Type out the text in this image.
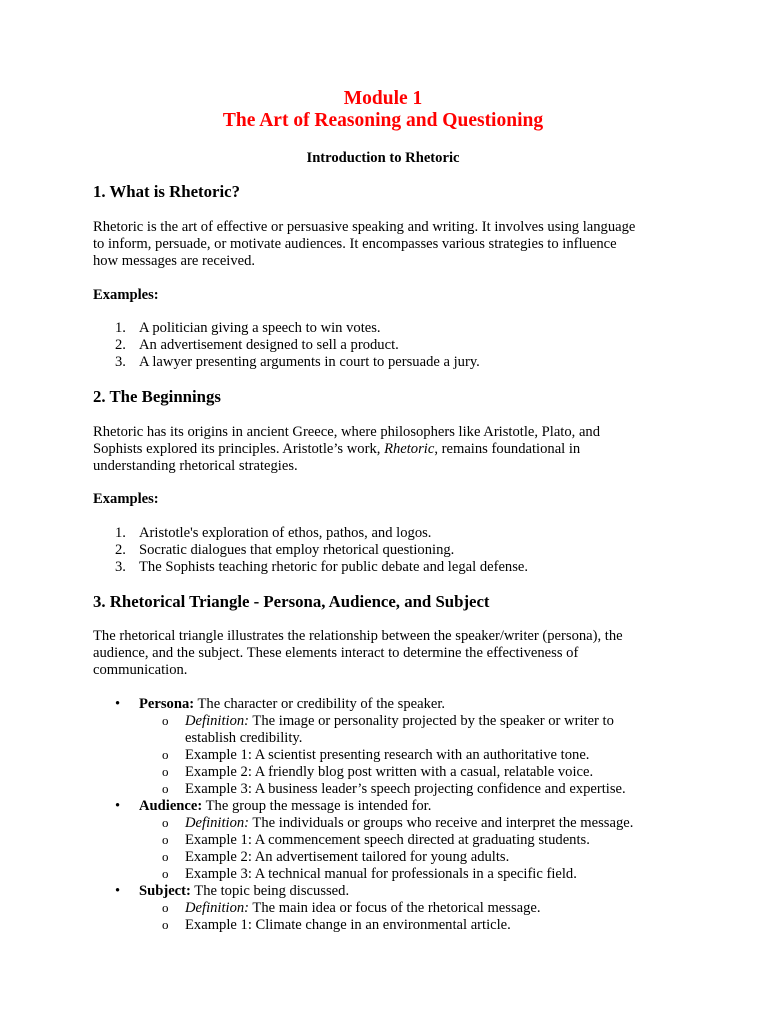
Module 1
The Art of Reasoning and Questioning
Introduction to Rhetoric
1. What is Rhetoric?

Rhetoric is the art of effective or persuasive speaking and writing. It involves using language

to inform, persuade, or motivate audiences. It encompasses various strategies to influence

how messages are received.

Examples:
1. A politician giving a speech to win votes.
2. An advertisement designed to sell a product.
3. A lawyer presenting arguments in court to persuade a jury.
2. The Beginnings

Rhetoric has its origins in ancient Greece, where philosophers like Aristotle, Plato, and

Sophists explored its principles. Aristotle’s work, Rhetoric, remains foundational in

understanding rhetorical strategies.

Examples:
1. Aristotle's exploration of ethos, pathos, and logos.
2. Socratic dialogues that employ rhetorical questioning.
3. The Sophists teaching rhetoric for public debate and legal defense.
3. Rhetorical Triangle - Persona, Audience, and Subject

The rhetorical triangle illustrates the relationship between the speaker/writer (persona), the

audience, and the subject. These elements interact to determine the effectiveness of

communication.

• Persona: The character or credibility of the speaker.
o Definition: The image or personality projected by the speaker or writer to
establish credibility.
o Example 1: A scientist presenting research with an authoritative tone.
o Example 2: A friendly blog post written with a casual, relatable voice.
o Example 3: A business leader’s speech projecting confidence and expertise.
• Audience: The group the message is intended for.
o Definition: The individuals or groups who receive and interpret the message.
o Example 1: A commencement speech directed at graduating students.
o Example 2: An advertisement tailored for young adults.
o Example 3: A technical manual for professionals in a specific field.
• Subject: The topic being discussed.
o Definition: The main idea or focus of the rhetorical message.
o Example 1: Climate change in an environmental article.
